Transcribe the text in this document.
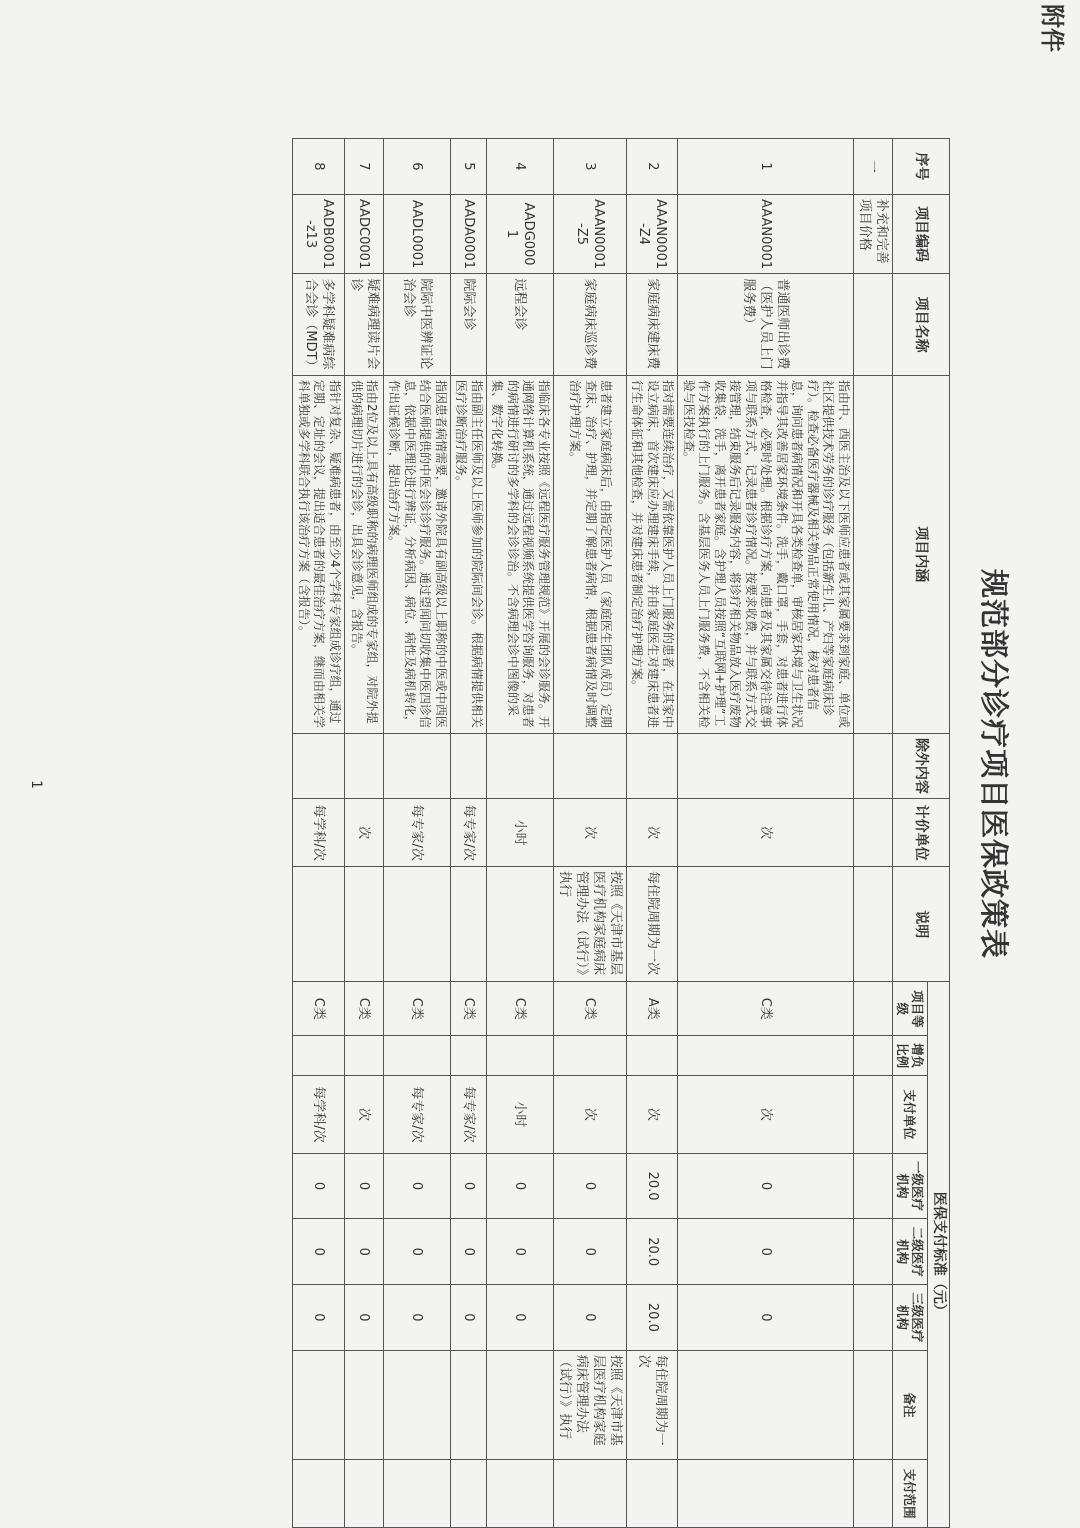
附件
规范部分诊疗项目医保政策表
序号	项目编码	项目名称	项目内涵	除外内容	计价单位	说明	医保支付标准（元）							
							项目等级	增负比例	支付单位	一级医疗机构	二级医疗机构	三级医疗机构	备注	支付范围
一	补充和完善项目价格													
1	AAAN0001	普通医师出诊费（医护人员上门服务费）	指由中、西医主治及以下医师应患者或其家属要求到家庭、单位或社区提供技术劳务的诊疗服务（包括新生儿、产妇等家庭病床诊疗）。检查必备医疗器械及相关物品正常使用情况，核对患者信息，询问患者病情况和开具各类检查单，审核居家环境与卫生状况并指导其改善居家环境条件。洗手，戴口罩，手套，对患者进行体格检查，必要时处理。根据诊疗方案，向患者及其家属交待注意事项与联系方式，记录患者诊疗情况。按要求收费，并与联系方式交接管理，结束服务后记录服务内容，将诊疗相关物品放入医疗废物收集袋，洗手，离开患者家庭。含护理人员按照“互联网+护理”工作方案执行的上门服务。含基层医务人员上门服务费，不含相关检验与医技检查。		次		C类		次	0	0	0		
2	AAAN0001-Z4	家庭病床建床费	指对需要连续治疗，又需依靠医护人员上门服务的患者，在其家中设立病床，首次建床应办理建床手续，并由家庭医生对建床患者进行生命体征和其他检查，并对建床患者制定治疗护理方案。		次	每住院周期为一次	A类		次	20.0	20.0	20.0	每住院周期为一次	
3	AAAN0001-Z5	家庭病床巡诊费	患者建立家庭病床后，由指定医护人员（家庭医生团队成员）定期查床、治疗、护理，并定期了解患者病情，根据患者病情及时调整治疗护理方案。		次	按照《天津市基层医疗机构家庭病床管理办法（试行）》执行	C类		次	0	0	0	按照《天津市基层医疗机构家庭病床管理办法（试行）》执行	
4	AADG0001	远程会诊	指临床各专业按照《远程医疗服务管理规范》开展的会诊服务。开通网络计算机系统，通过远程视频系统提供医学咨询服务，对患者的病情进行研讨的多学科的会诊诊治。不含病理会诊中图像的采集、数字化转换。		小时		C类		小时	0	0	0		
5	AADA0001	院际会诊	指由副主任医师及以上医师参加的院际间会诊。根据病情提供相关医疗诊断治疗服务。		每专家/次		C类		每专家/次	0	0	0		
6	AADL0001	院际中医辨证论治会诊	指因患者病情需要，邀请外院具有副高级以上职称的中医或中西医结合医师提供的中医会诊诊疗服务。通过望闻问切收集中医四诊信息，依据中医理论进行辨证，分析病因、病位、病性及病机转化，作出证候诊断，提出治疗方案。		每专家/次		C类		每专家/次	0	0	0		
7	AADC0001	疑难病理读片会诊	指由2位及以上具有高级职称的病理医师组成的专家组，对院外提供的病理切片进行的会诊，出具会诊意见，含报告。		次		C类		次	0	0	0		
8	AADB0001-z13	多学科疑难病综合会诊（MDT）	指针对复杂、疑难病患者，由至少4个学科专家组成诊疗组，通过定期、定址的会议，提出适合患者的最佳治疗方案，继而由相关学科单独或多学科联合执行该治疗方案（含报告）。		每学科/次		C类		每学科/次	0	0	0		
1
